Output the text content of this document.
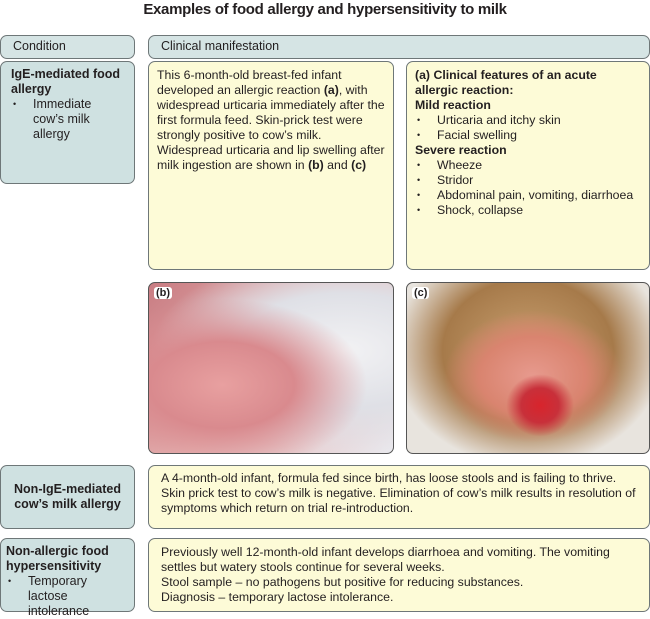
Examples of food allergy and hypersensitivity to milk
Condition	Clinical manifestation
IgE-mediated food allergy
• Immediate cow’s milk allergy
This 6-month-old breast-fed infant developed an allergic reaction (a), with widespread urticaria immediately after the first formula feed. Skin-prick test were strongly positive to cow’s milk. Widespread urticaria and lip swelling after milk ingestion are shown in (b) and (c)
(a) Clinical features of an acute allergic reaction:
Mild reaction
• Urticaria and itchy skin
• Facial swelling
Severe reaction
• Wheeze
• Stridor
• Abdominal pain, vomiting, diarrhoea
• Shock, collapse
(b)	(c)
Non-IgE-mediated cow’s milk allergy
A 4-month-old infant, formula fed since birth, has loose stools and is failing to thrive. Skin prick test to cow’s milk is negative. Elimination of cow’s milk results in resolution of symptoms which return on trial re-introduction.
Non-allergic food hypersensitivity
• Temporary lactose intolerance
Previously well 12-month-old infant develops diarrhoea and vomiting. The vomiting settles but watery stools continue for several weeks.
Stool sample – no pathogens but positive for reducing substances.
Diagnosis – temporary lactose intolerance.
